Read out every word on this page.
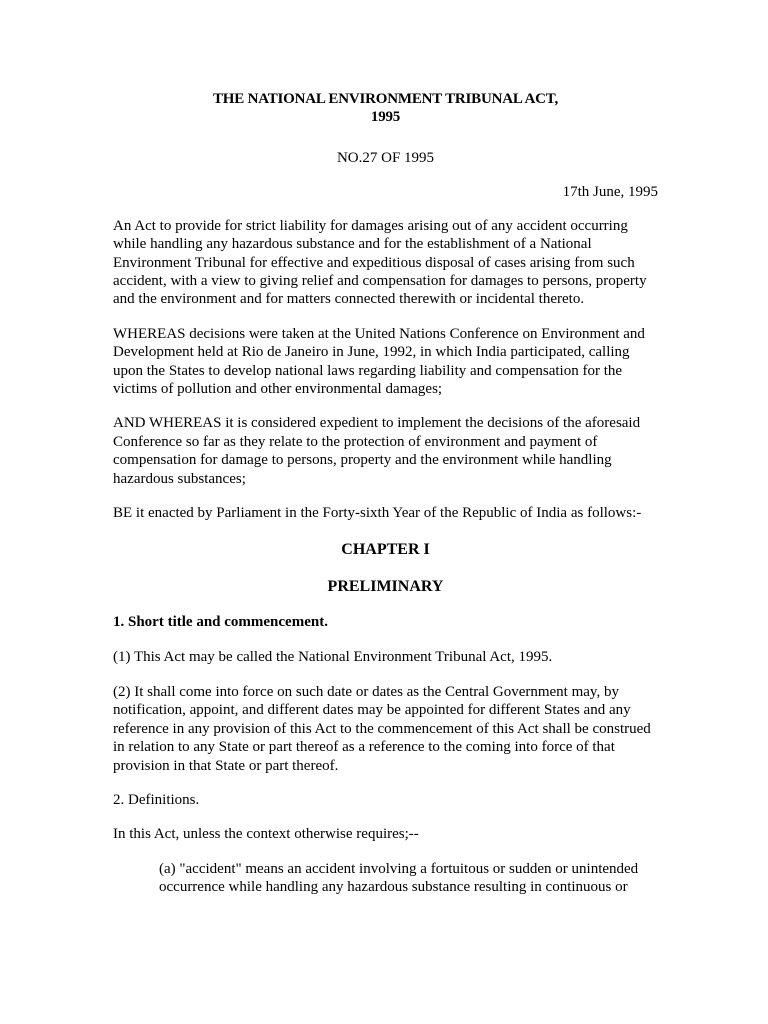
THE NATIONAL ENVIRONMENT TRIBUNAL ACT,
1995

NO.27 OF 1995

17th June, 1995

An Act to provide for strict liability for damages arising out of any accident occurring
while handling any hazardous substance and for the establishment of a National
Environment Tribunal for effective and expeditious disposal of cases arising from such
accident, with a view to giving relief and compensation for damages to persons, property
and the environment and for matters connected therewith or incidental thereto.

WHEREAS decisions were taken at the United Nations Conference on Environment and
Development held at Rio de Janeiro in June, 1992, in which India participated, calling
upon the States to develop national laws regarding liability and compensation for the
victims of pollution and other environmental damages;

AND WHEREAS it is considered expedient to implement the decisions of the aforesaid
Conference so far as they relate to the protection of environment and payment of
compensation for damage to persons, property and the environment while handling
hazardous substances;

BE it enacted by Parliament in the Forty-sixth Year of the Republic of India as follows:-

CHAPTER I
PRELIMINARY
1. Short title and commencement.

(1) This Act may be called the National Environment Tribunal Act, 1995.

(2) It shall come into force on such date or dates as the Central Government may, by
notification, appoint, and different dates may be appointed for different States and any
reference in any provision of this Act to the commencement of this Act shall be construed
in relation to any State or part thereof as a reference to the coming into force of that
provision in that State or part thereof.

2. Definitions.

In this Act, unless the context otherwise requires;--

(a) "accident" means an accident involving a fortuitous or sudden or unintended
occurrence while handling any hazardous substance resulting in continuous or
